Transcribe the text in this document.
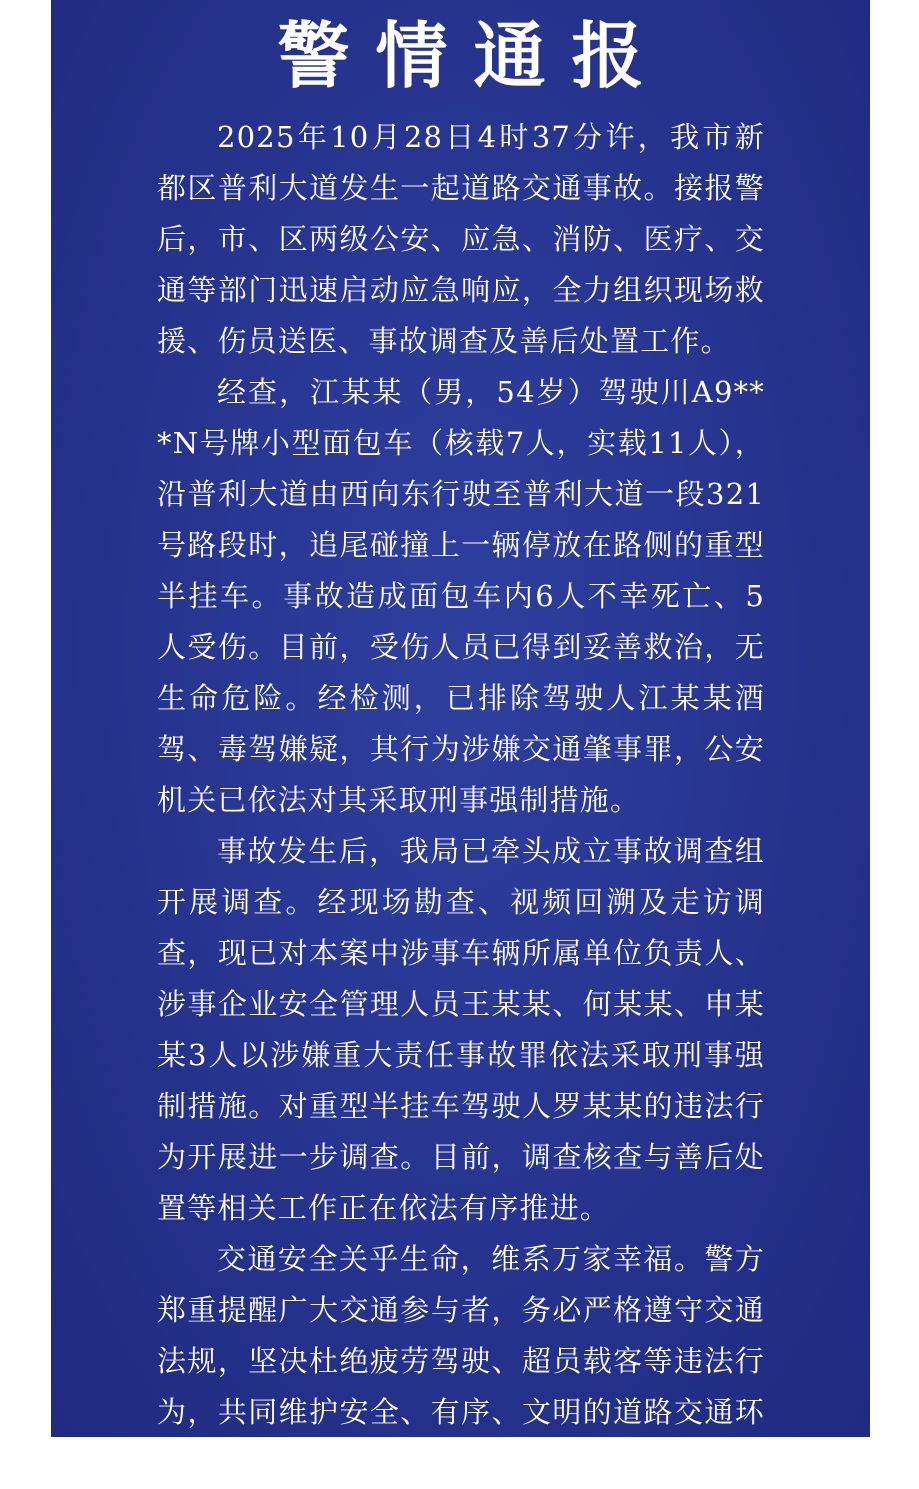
警情通报

2025年10月28日4时37分许，我市新都区普利大道发生一起道路交通事故。接报警后，市、区两级公安、应急、消防、医疗、交通等部门迅速启动应急响应，全力组织现场救援、伤员送医、事故调查及善后处置工作。

经查，江某某（男，54岁）驾驶川A9***N号牌小型面包车（核载7人，实载11人），沿普利大道由西向东行驶至普利大道一段321号路段时，追尾碰撞上一辆停放在路侧的重型半挂车。事故造成面包车内6人不幸死亡、5人受伤。目前，受伤人员已得到妥善救治，无生命危险。经检测，已排除驾驶人江某某酒驾、毒驾嫌疑，其行为涉嫌交通肇事罪，公安机关已依法对其采取刑事强制措施。

事故发生后，我局已牵头成立事故调查组开展调查。经现场勘查、视频回溯及走访调查，现已对本案中涉事车辆所属单位负责人、涉事企业安全管理人员王某某、何某某、申某某3人以涉嫌重大责任事故罪依法采取刑事强制措施。对重型半挂车驾驶人罗某某的违法行为开展进一步调查。目前，调查核查与善后处置等相关工作正在依法有序推进。

交通安全关乎生命，维系万家幸福。警方郑重提醒广大交通参与者，务必严格遵守交通法规，坚决杜绝疲劳驾驶、超员载客等违法行为，共同维护安全、有序、文明的道路交通环境。
